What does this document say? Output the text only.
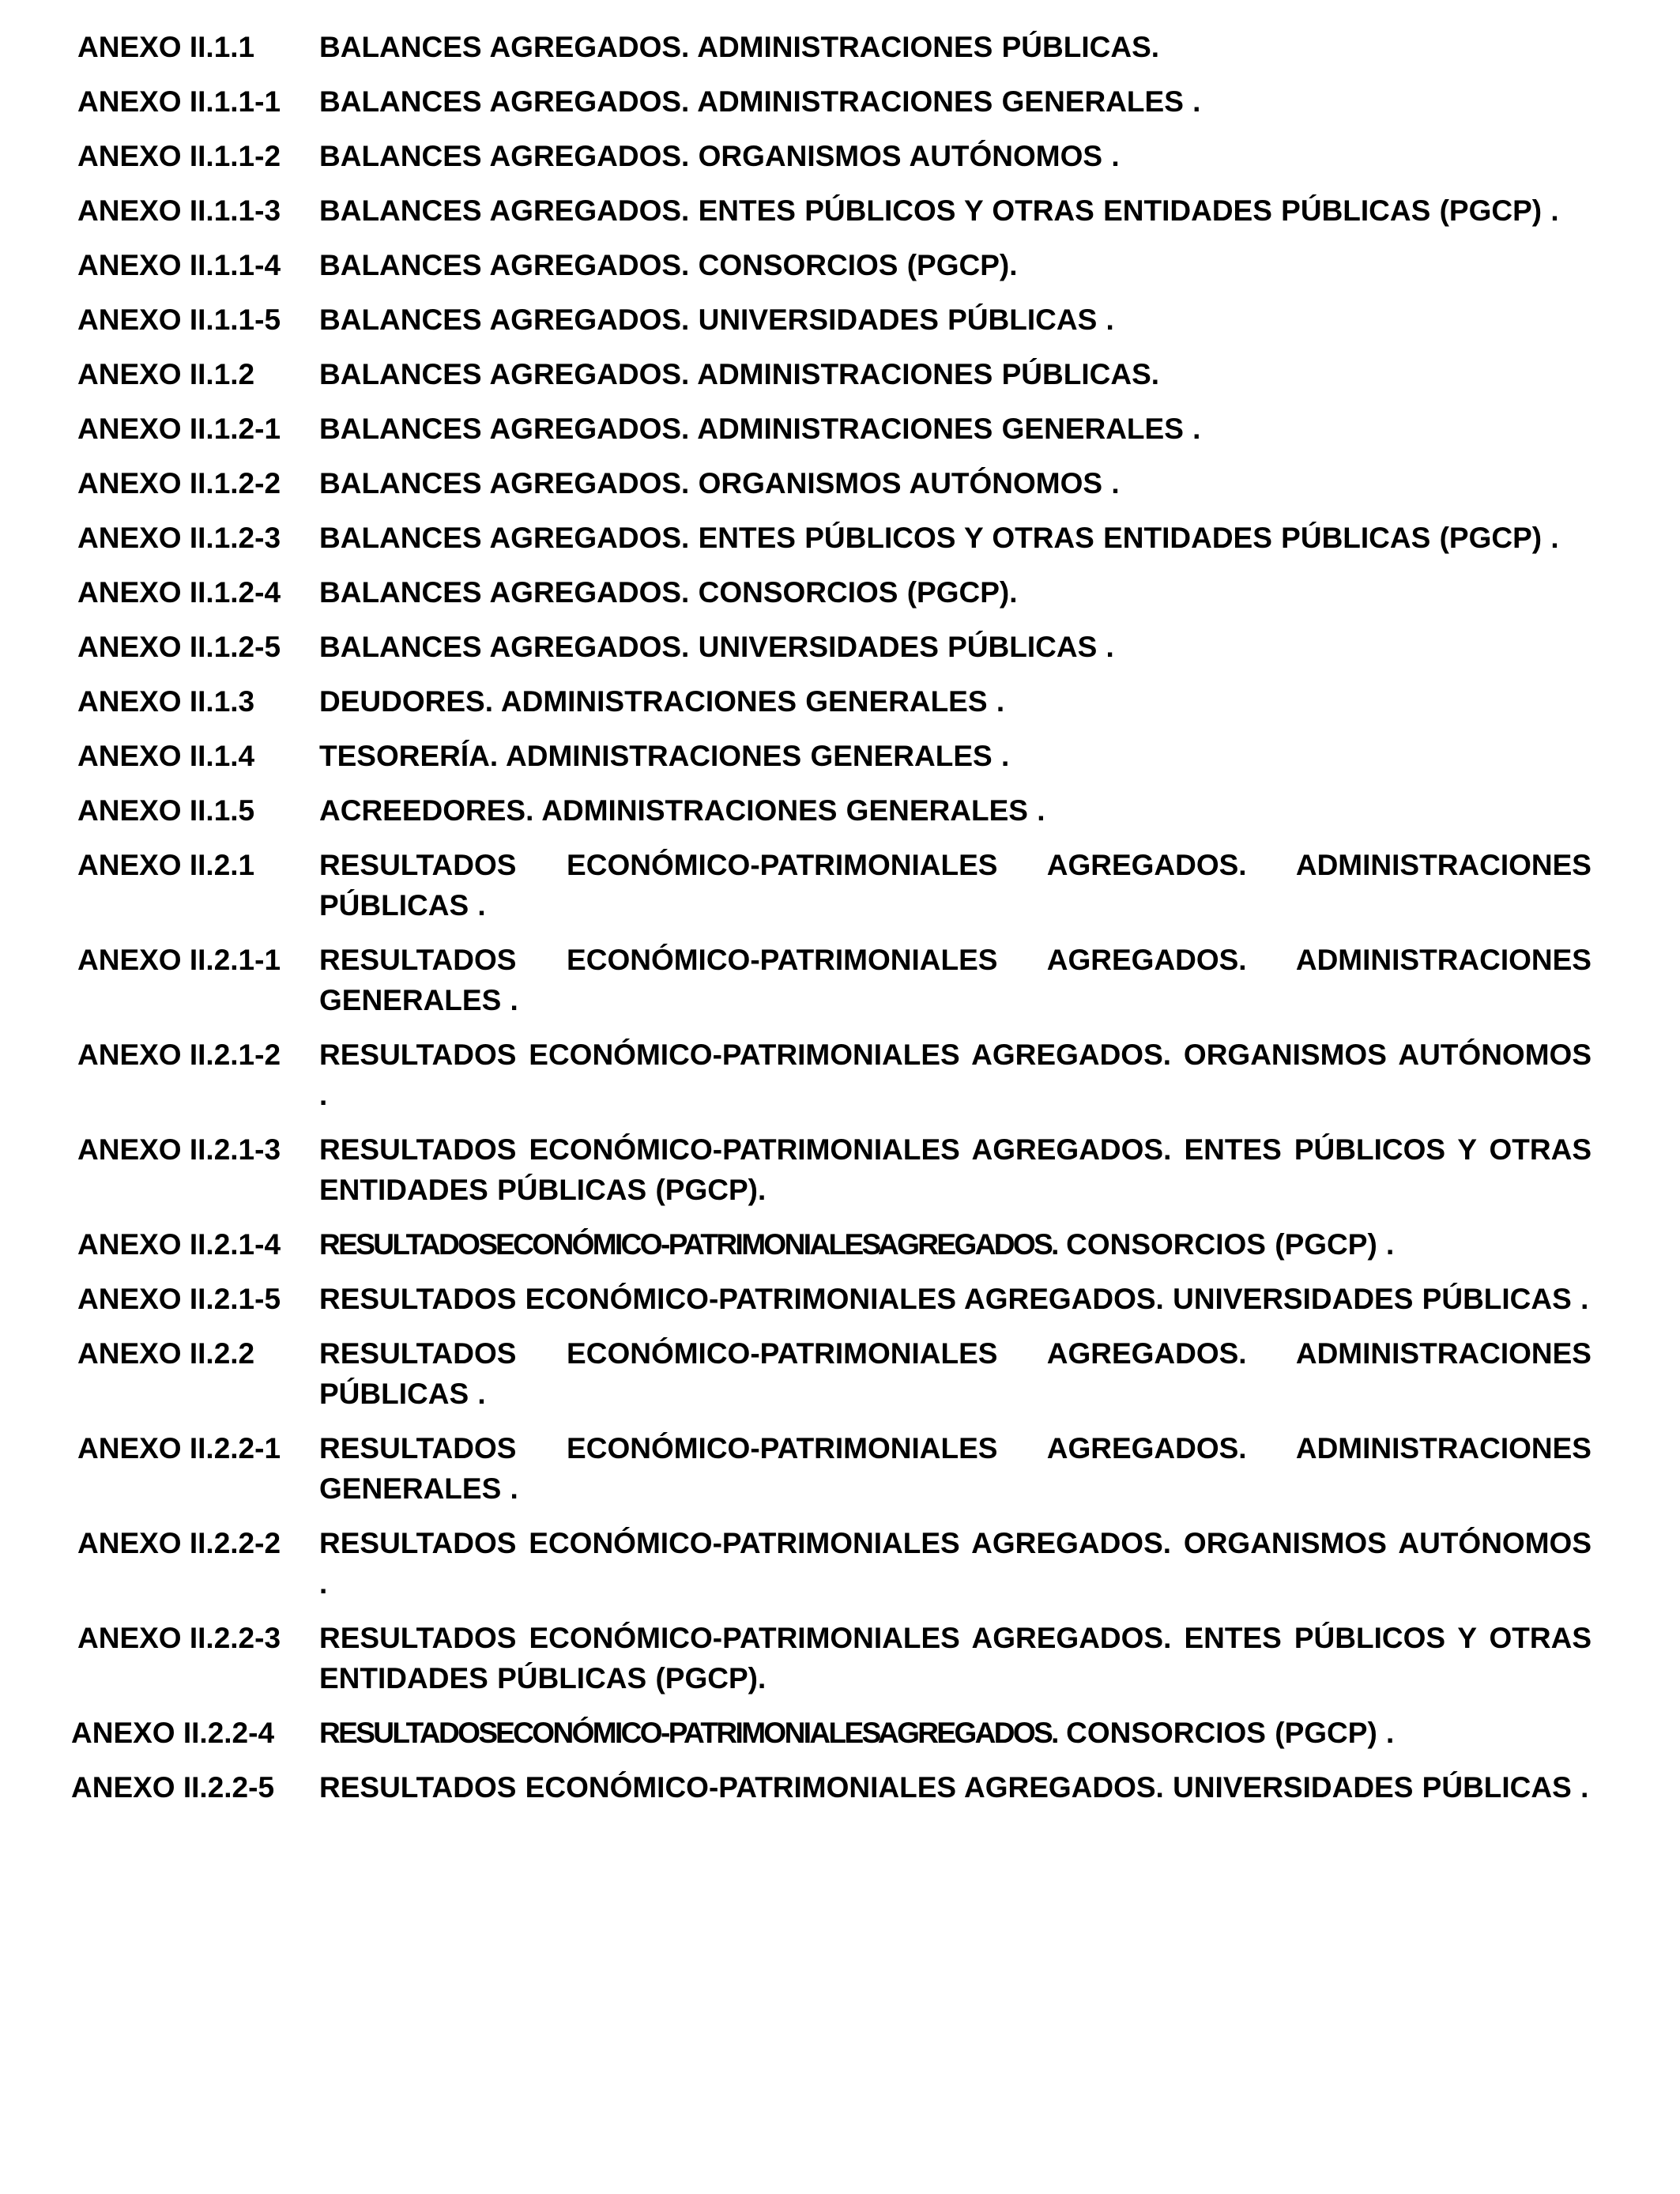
ANEXO II.1.1	BALANCES AGREGADOS. ADMINISTRACIONES PÚBLICAS.
ANEXO II.1.1-1	BALANCES AGREGADOS. ADMINISTRACIONES GENERALES .
ANEXO II.1.1-2	BALANCES AGREGADOS. ORGANISMOS AUTÓNOMOS .
ANEXO II.1.1-3	BALANCES AGREGADOS. ENTES PÚBLICOS Y OTRAS ENTIDADES PÚBLICAS (PGCP) .
ANEXO II.1.1-4	BALANCES AGREGADOS. CONSORCIOS (PGCP).
ANEXO II.1.1-5	BALANCES AGREGADOS. UNIVERSIDADES PÚBLICAS .
ANEXO II.1.2	BALANCES AGREGADOS. ADMINISTRACIONES PÚBLICAS.
ANEXO II.1.2-1	BALANCES AGREGADOS. ADMINISTRACIONES GENERALES .
ANEXO II.1.2-2	BALANCES AGREGADOS. ORGANISMOS AUTÓNOMOS .
ANEXO II.1.2-3	BALANCES AGREGADOS. ENTES PÚBLICOS Y OTRAS ENTIDADES PÚBLICAS (PGCP) .
ANEXO II.1.2-4	BALANCES AGREGADOS. CONSORCIOS (PGCP).
ANEXO II.1.2-5	BALANCES AGREGADOS. UNIVERSIDADES PÚBLICAS .
ANEXO II.1.3	DEUDORES. ADMINISTRACIONES GENERALES .
ANEXO II.1.4	TESORERÍA. ADMINISTRACIONES GENERALES .
ANEXO II.1.5	ACREEDORES. ADMINISTRACIONES GENERALES .
ANEXO II.2.1	RESULTADOS ECONÓMICO-PATRIMONIALES AGREGADOS. ADMINISTRACIONES PÚBLICAS .
ANEXO II.2.1-1	RESULTADOS ECONÓMICO-PATRIMONIALES AGREGADOS. ADMINISTRACIONES GENERALES .
ANEXO II.2.1-2	RESULTADOS ECONÓMICO-PATRIMONIALES AGREGADOS. ORGANISMOS AUTÓNOMOS .
ANEXO II.2.1-3	RESULTADOS ECONÓMICO-PATRIMONIALES AGREGADOS. ENTES PÚBLICOS Y OTRAS ENTIDADES PÚBLICAS (PGCP).
ANEXO II.2.1-4	RESULTADOS ECONÓMICO-PATRIMONIALES AGREGADOS. CONSORCIOS (PGCP) .
ANEXO II.2.1-5	RESULTADOS ECONÓMICO-PATRIMONIALES AGREGADOS. UNIVERSIDADES PÚBLICAS .
ANEXO II.2.2	RESULTADOS ECONÓMICO-PATRIMONIALES AGREGADOS. ADMINISTRACIONES PÚBLICAS .
ANEXO II.2.2-1	RESULTADOS ECONÓMICO-PATRIMONIALES AGREGADOS. ADMINISTRACIONES GENERALES .
ANEXO II.2.2-2	RESULTADOS ECONÓMICO-PATRIMONIALES AGREGADOS. ORGANISMOS AUTÓNOMOS .
ANEXO II.2.2-3	RESULTADOS ECONÓMICO-PATRIMONIALES AGREGADOS. ENTES PÚBLICOS Y OTRAS ENTIDADES PÚBLICAS (PGCP).
ANEXO II.2.2-4	RESULTADOS ECONÓMICO-PATRIMONIALES AGREGADOS. CONSORCIOS (PGCP) .
ANEXO II.2.2-5	RESULTADOS ECONÓMICO-PATRIMONIALES AGREGADOS. UNIVERSIDADES PÚBLICAS .
